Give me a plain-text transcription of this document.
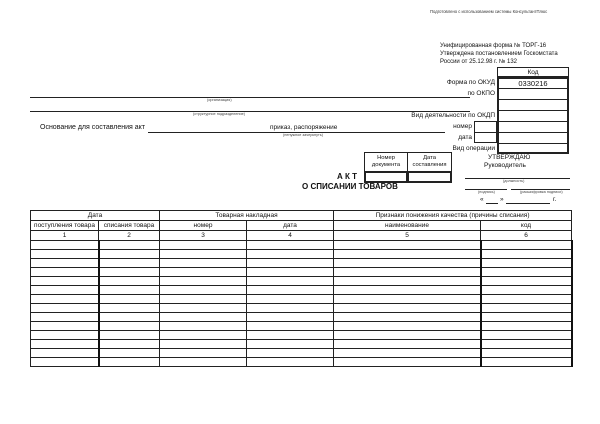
Подготовлено с использованием системы КонсультантПлюс
Унифицированная форма № ТОРГ-16
Утверждена постановлением Госкомстата
России от 25.12.98 г. № 132
Код
0330216
Форма по ОКУД
по ОКПО
Вид деятельности по ОКДП
номер
дата
Вид операции
(организация)
(структурное подразделение)
Основание для составления акт	приказ, распоряжение
(ненужное зачеркнуть)
Номер документа
Дата составления
А К Т
О СПИСАНИИ ТОВАРОВ
УТВЕРЖДАЮ
Руководитель
(должность)
(подпись)	(расшифровка подписи)
«	»	г.
Дата		Товарная накладная		Признаки понижения качества (причины списания)	
поступления товара	списания товара	номер	дата	наименование	код
1	2	3	4	5	6
